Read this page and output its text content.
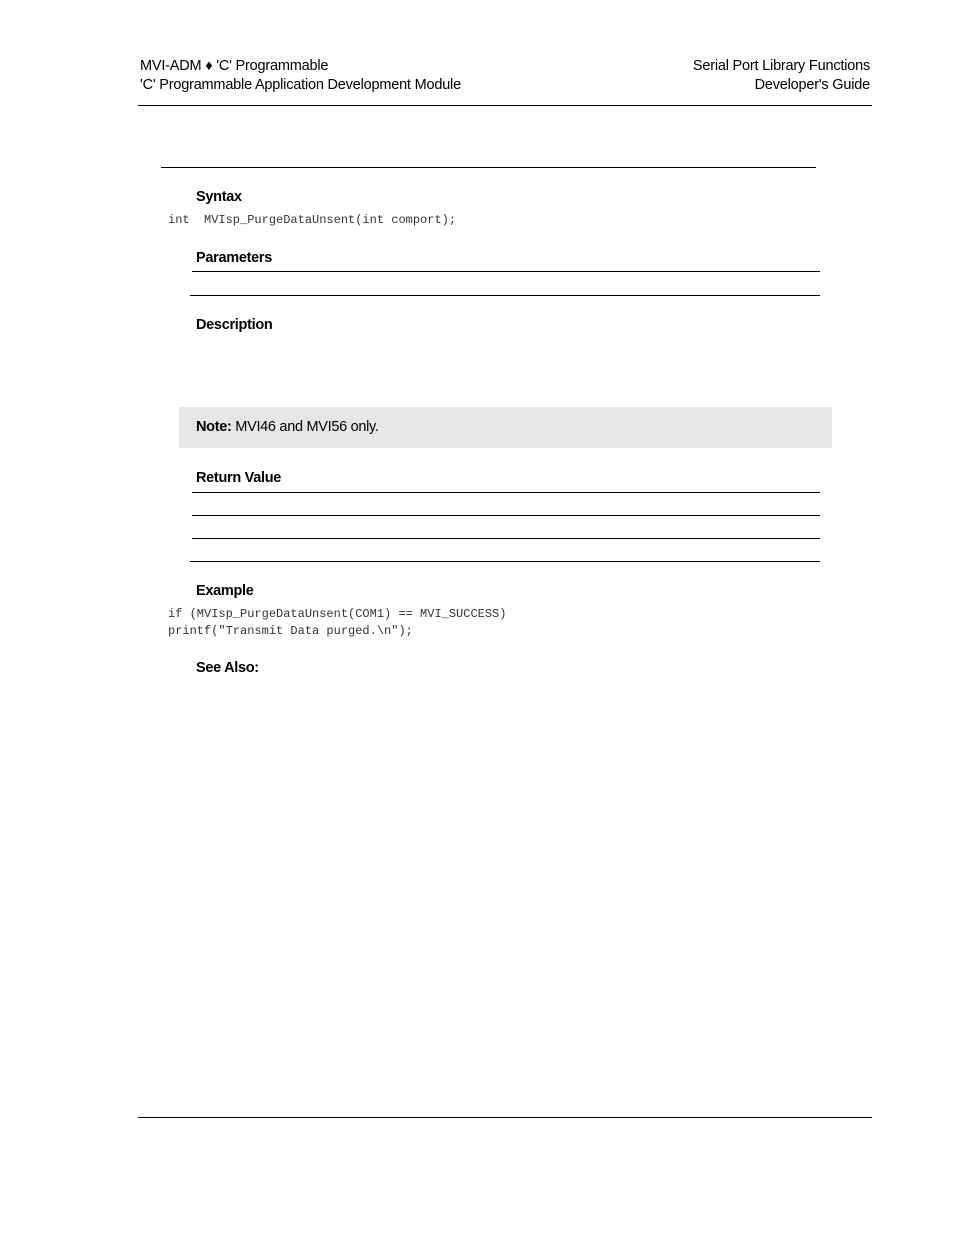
MVI-ADM ♦ 'C' Programmable
'C' Programmable Application Development Module
Serial Port Library Functions
Developer's Guide
Syntax
int  MVIsp_PurgeDataUnsent(int comport);
Parameters
Description
Note: MVI46 and MVI56 only.
Return Value
Example
if (MVIsp_PurgeDataUnsent(COM1) == MVI_SUCCESS)
printf("Transmit Data purged.\n");
See Also:
